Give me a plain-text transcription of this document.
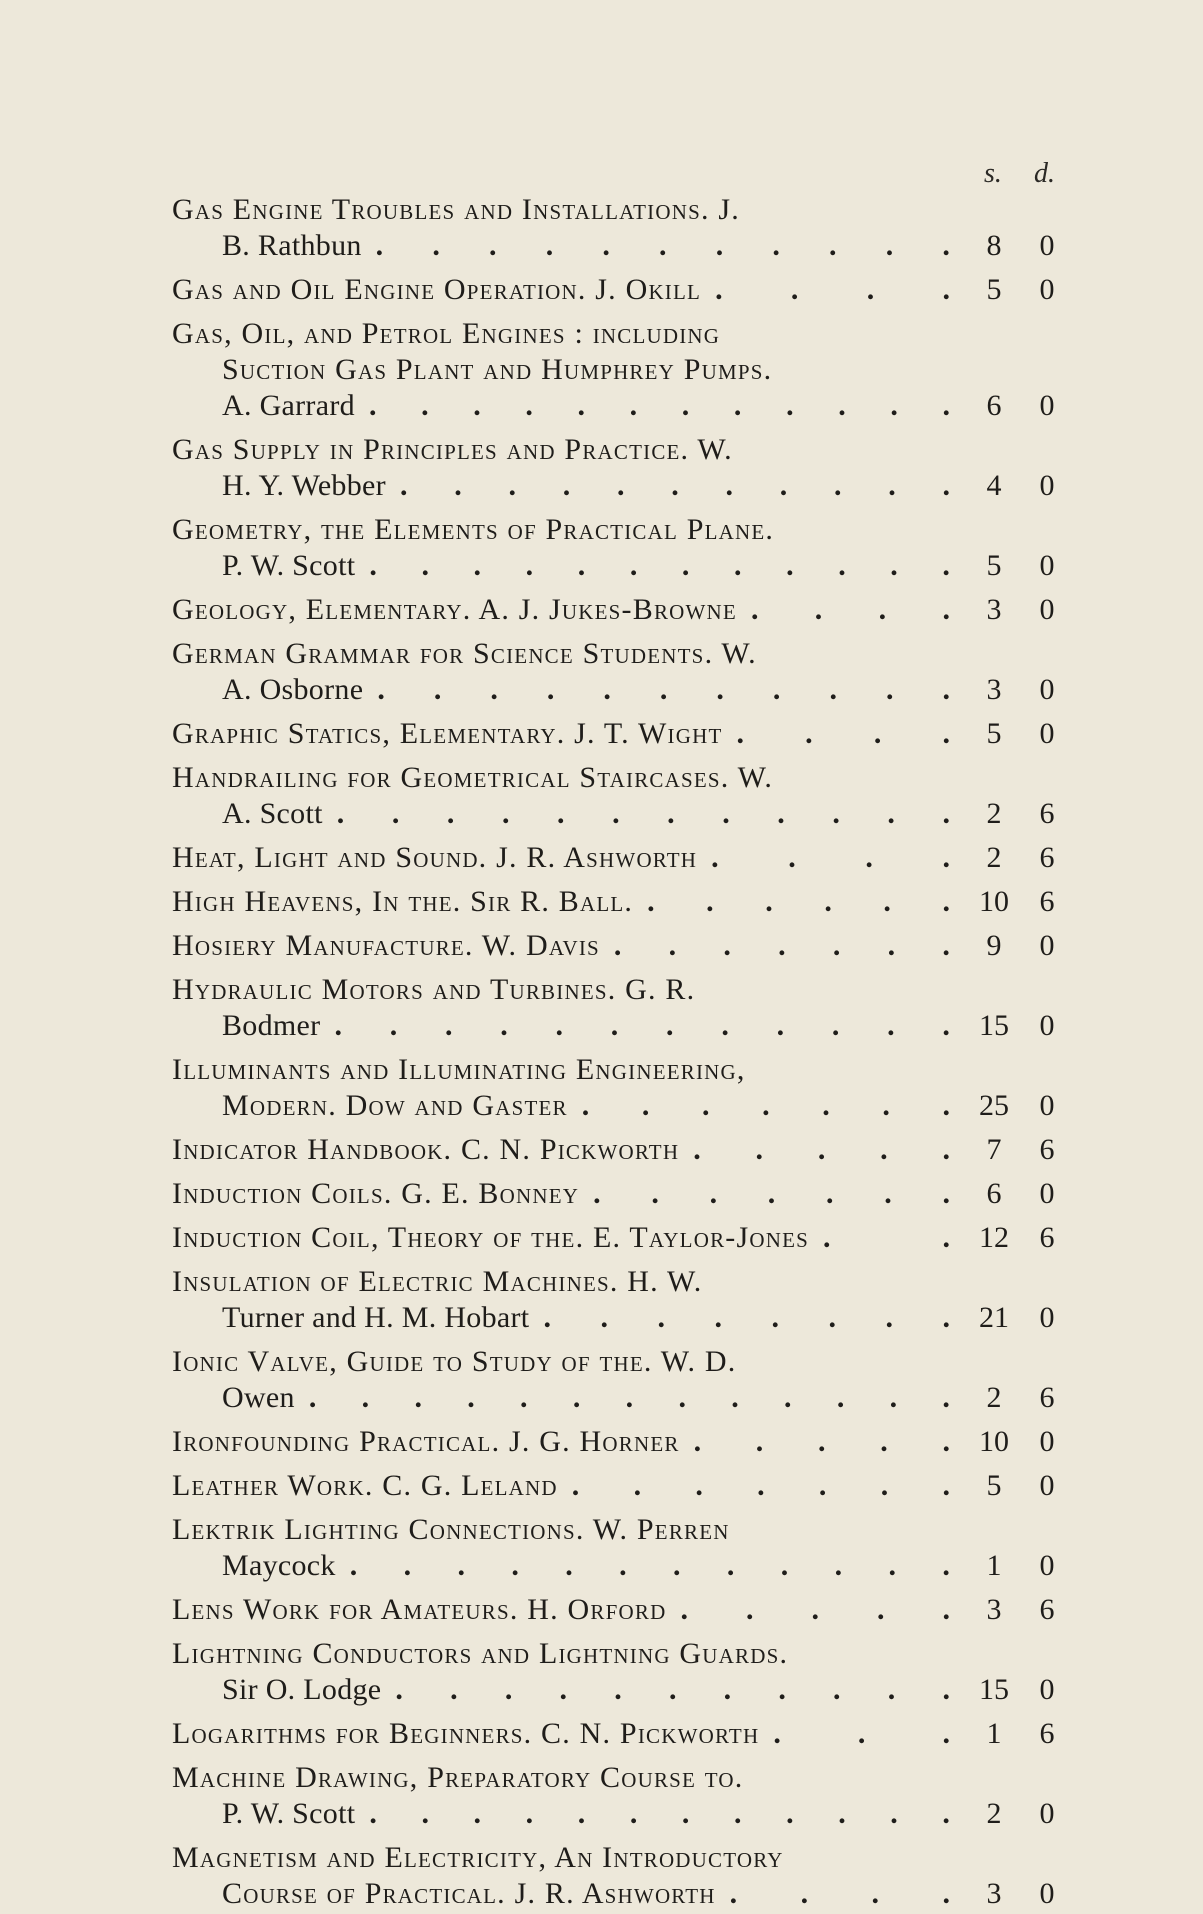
s. d.
Gas Engine Troubles and Installations. J.
B. Rathbun . . . . . . . . . . .	8	0
Gas and Oil Engine Operation. J. Okill . . . .	5	0
Gas, Oil, and Petrol Engines : including
Suction Gas Plant and Humphrey Pumps.
A. Garrard . . . . . . . . . . . .	6	0
Gas Supply in Principles and Practice. W.
H. Y. Webber . . . . . . . . . . .	4	0
Geometry, the Elements of Practical Plane.
P. W. Scott . . . . . . . . . . . .	5	0
Geology, Elementary. A. J. Jukes-Browne . . . .	3	0
German Grammar for Science Students. W.
A. Osborne . . . . . . . . . . .	3	0
Graphic Statics, Elementary. J. T. Wight . . . .	5	0
Handrailing for Geometrical Staircases. W.
A. Scott . . . . . . . . . . . .	2	6
Heat, Light and Sound. J. R. Ashworth . . . .	2	6
High Heavens, In the. Sir R. Ball. . . . . . . 10	6
Hosiery Manufacture. W. Davis . . . . . . .	9	0
Hydraulic Motors and Turbines. G. R.
Bodmer . . . . . . . . . . . . 15	0
Illuminants and Illuminating Engineering,
Modern. Dow and Gaster . . . . . . . 25	0
Indicator Handbook. C. N. Pickworth . . . . .	7	6
Induction Coils. G. E. Bonney . . . . . . .	6	0
Induction Coil, Theory of the. E. Taylor-Jones .	. 12	6
Insulation of Electric Machines. H. W.
Turner and H. M. Hobart . . . . . . . . 21	0
Ionic Valve, Guide to Study of the. W. D.
Owen . . . . . . . . . . . . .	2	6
Ironfounding Practical. J. G. Horner . . . . . 10	0
Leather Work. C. G. Leland . . . . . . .	5	0
Lektrik Lighting Connections. W. Perren
Maycock . . . . . . . . . . . .	1	0
Lens Work for Amateurs. H. Orford . . . . .	3	6
Lightning Conductors and Lightning Guards.
Sir O. Lodge . . . . . . . . . . . 15	0
Logarithms for Beginners. C. N. Pickworth .	.	.	1	6
Machine Drawing, Preparatory Course to.
P. W. Scott . . . . . . . . . . . .	2	0
Magnetism and Electricity, An Introductory
Course of Practical. J. R. Ashworth . . . .	3	0
